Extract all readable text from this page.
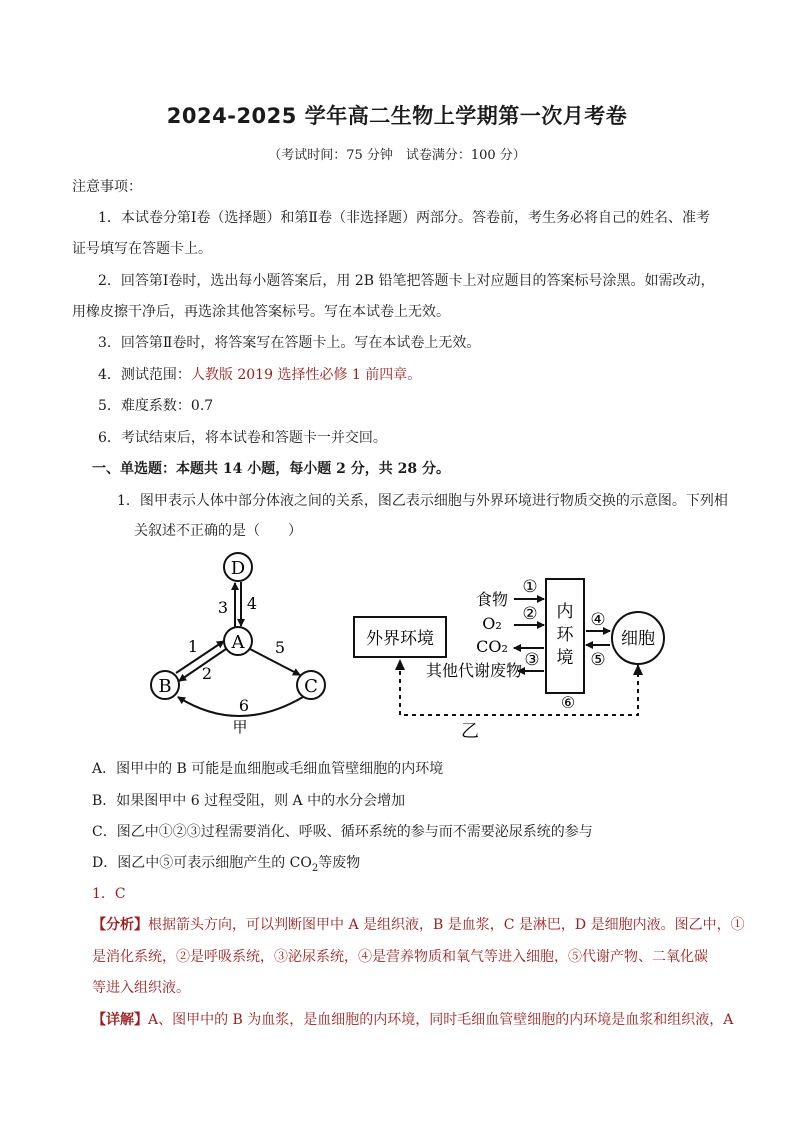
2024-2025 学年高二生物上学期第一次月考卷
（考试时间：75 分钟　试卷满分：100 分）
注意事项：
1．本试卷分第Ⅰ卷（选择题）和第Ⅱ卷（非选择题）两部分。答卷前，考生务必将自己的姓名、准考
证号填写在答题卡上。
2．回答第Ⅰ卷时，选出每小题答案后，用 2B 铅笔把答题卡上对应题目的答案标号涂黑。如需改动，
用橡皮擦干净后，再选涂其他答案标号。写在本试卷上无效。
3．回答第Ⅱ卷时，将答案写在答题卡上。写在本试卷上无效。
4．测试范围：人教版 2019 选择性必修 1 前四章。
5．难度系数：0.7
6．考试结束后，将本试卷和答题卡一并交回。
一、单选题：本题共 14 小题，每小题 2 分，共 28 分。
1．图甲表示人体中部分体液之间的关系，图乙表示细胞与外界环境进行物质交换的示意图。下列相
关叙述不正确的是（　　）
D
A
B	C
3 4
1
2
5
6
甲
外界环境
内
环
境
细胞
食物
O₂
CO₂
其他代谢废物
①
②
③
④
⑤
⑥
乙
A．图甲中的 B 可能是血细胞或毛细血管壁细胞的内环境
B．如果图甲中 6 过程受阻，则 A 中的水分会增加
C．图乙中①②③过程需要消化、呼吸、循环系统的参与而不需要泌尿系统的参与
D．图乙中⑤可表示细胞产生的 $CO_2$等废物
1．C
【分析】根据箭头方向，可以判断图甲中 A 是组织液，B 是血浆，C 是淋巴，D 是细胞内液。图乙中，①
是消化系统，②是呼吸系统，③泌尿系统，④是营养物质和氧气等进入细胞，⑤代谢产物、二氧化碳
等进入组织液。
【详解】A、图甲中的 B 为血浆，是血细胞的内环境，同时毛细血管壁细胞的内环境是血浆和组织液，A
